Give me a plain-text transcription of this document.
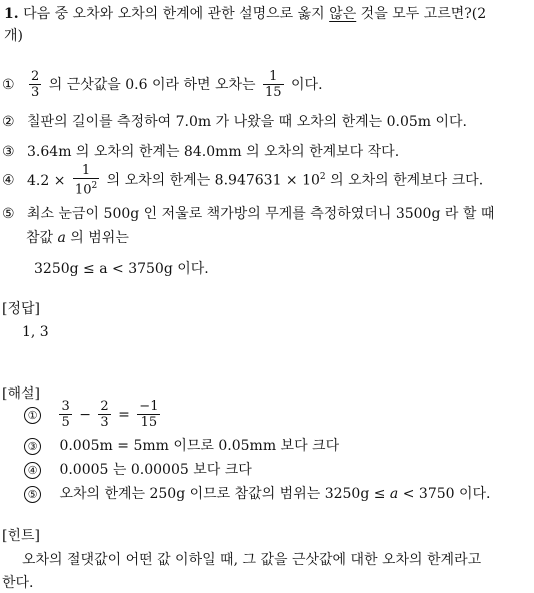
1. 다음 중 오차와 오차의 한계에 관한 설명으로 옳지 않은 것을 모두 고르면?(2
개)
① $\frac{2}{3}$ 의 근삿값을 0.6 이라 하면 오차는 $\frac{1}{15}$ 이다.
② 칠판의 길이를 측정하여 7.0m 가 나왔을 때 오차의 한계는 0.05m 이다.
③ 3.64m 의 오차의 한계는 84.0mm 의 오차의 한계보다 작다.
④ $4.2 \times \frac{1}{10^2}$ 의 오차의 한계는 $8.947631 \times 10^2$ 의 오차의 한계보다 크다.
⑤ 최소 눈금이 500g 인 저울로 책가방의 무게를 측정하였더니 3500g 라 할 때
참값 a 의 범위는
3250g ≤ a < 3750g 이다.
[정답]
1, 3
[해설]
① $\frac{3}{5} - \frac{2}{3} = \frac{-1}{15}$
③ 0.005m = 5mm 이므로 0.05mm 보다 크다
④ 0.0005 는 0.00005 보다 크다
⑤ 오차의 한계는 250g 이므로 참값의 범위는 3250g ≤ a < 3750 이다.
[힌트]
오차의 절댓값이 어떤 값 이하일 때, 그 값을 근삿값에 대한 오차의 한계라고
한다.
